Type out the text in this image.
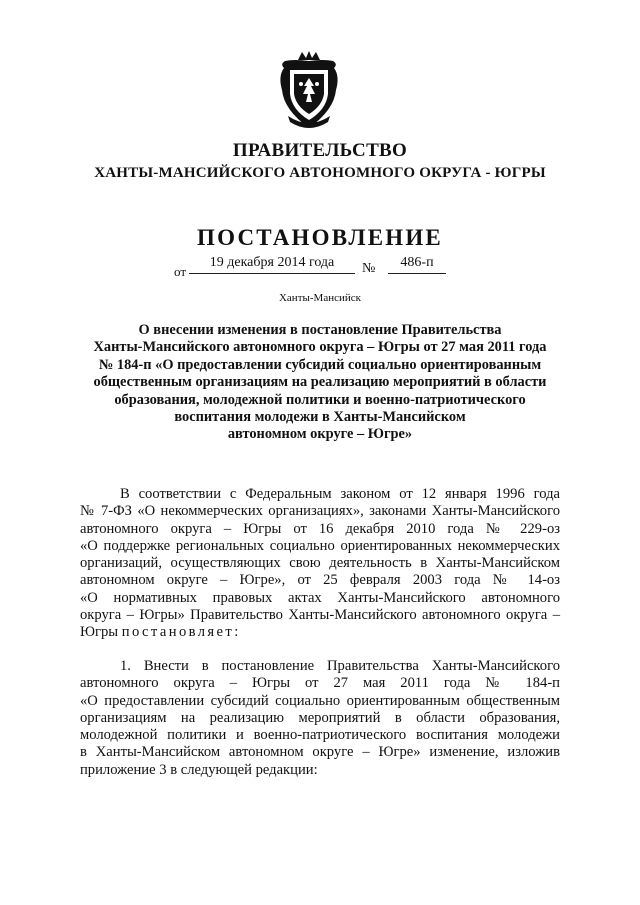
ПРАВИТЕЛЬСТВО
ХАНТЫ-МАНСИЙСКОГО АВТОНОМНОГО ОКРУГА - ЮГРЫ
ПОСТАНОВЛЕНИЕ
от
19 декабря 2014 года	№	486-п
Ханты-Мансийск
О внесении изменения в постановление Правительства
Ханты-Мансийского автономного округа – Югры от 27 мая 2011 года
№ 184-п «О предоставлении субсидий социально ориентированным
общественным организациям на реализацию мероприятий в области
образования, молодежной политики и военно-патриотического
воспитания молодежи в Ханты-Мансийском
автономном округе – Югре»
В соответствии с Федеральным законом от 12 января 1996 года
№ 7-ФЗ «О некоммерческих организациях», законами Ханты-Мансийского
автономного округа – Югры от 16 декабря 2010 года № 229-оз
«О поддержке региональных социально ориентированных некоммерческих
организаций, осуществляющих свою деятельность в Ханты-Мансийском
автономном округе – Югре», от 25 февраля 2003 года № 14-оз
«О нормативных правовых актах Ханты-Мансийского автономного
округа – Югры» Правительство Ханты-Мансийского автономного округа –
Югры постановляет:
1. Внести в постановление Правительства Ханты-Мансийского
автономного округа – Югры от 27 мая 2011 года № 184-п
«О предоставлении субсидий социально ориентированным общественным
организациям на реализацию мероприятий в области образования,
молодежной политики и военно-патриотического воспитания молодежи
в Ханты-Мансийском автономном округе – Югре» изменение, изложив
приложение 3 в следующей редакции:
